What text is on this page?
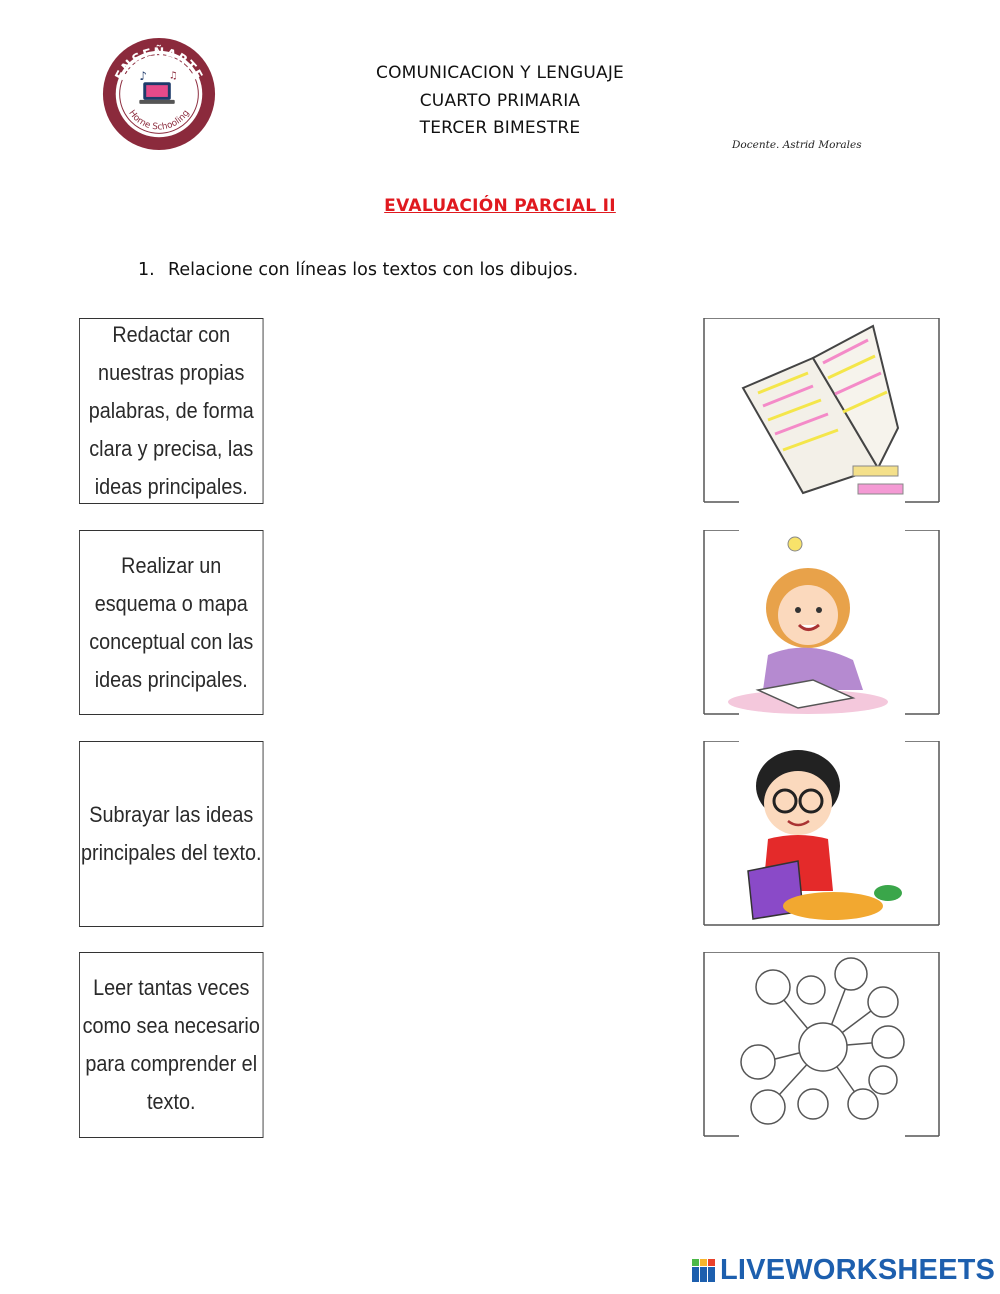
ENSEÑARTE
Home Schooling
♪ ♫	COMUNICACION Y LENGUAJE
CUARTO PRIMARIA
TERCER BIMESTRE
Docente. Astrid Morales
EVALUACIÓN PARCIAL II
1. Relacione con líneas los textos con los dibujos.
Redactar con nuestras propias palabras, de forma clara y precisa, las ideas principales.
Realizar un esquema o mapa conceptual con las ideas principales.
Subrayar las ideas principales del texto.
Leer tantas veces como sea necesario para comprender el texto.
LIVEWORKSHEETS
